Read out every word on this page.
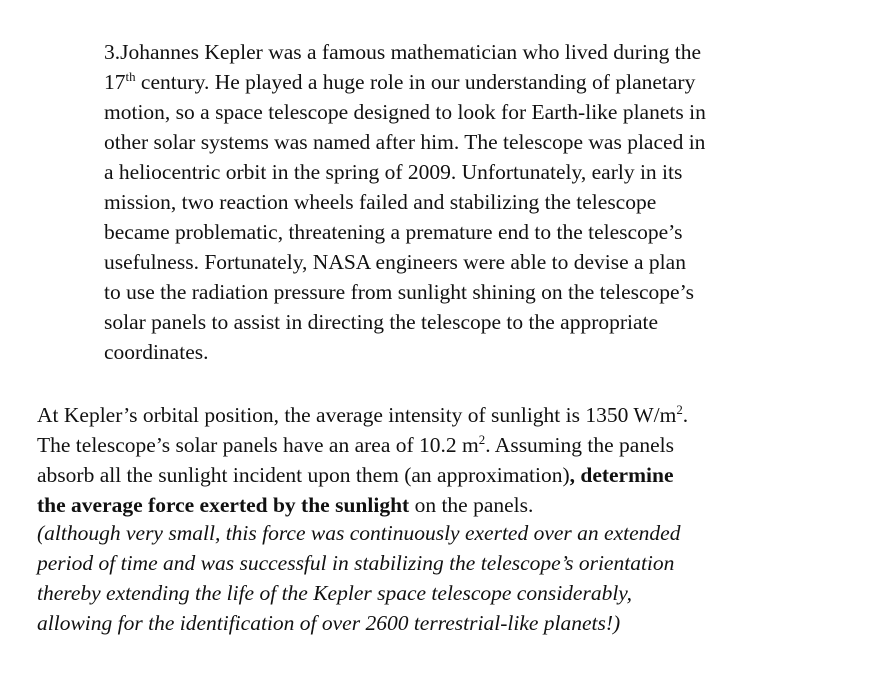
3.Johannes Kepler was a famous mathematician who lived during the
17th century. He played a huge role in our understanding of planetary
motion, so a space telescope designed to look for Earth-like planets in
other solar systems was named after him. The telescope was placed in
a heliocentric orbit in the spring of 2009. Unfortunately, early in its
mission, two reaction wheels failed and stabilizing the telescope
became problematic, threatening a premature end to the telescope’s
usefulness. Fortunately, NASA engineers were able to devise a plan
to use the radiation pressure from sunlight shining on the telescope’s
solar panels to assist in directing the telescope to the appropriate
coordinates.
At Kepler’s orbital position, the average intensity of sunlight is 1350 $W/m^2$.
The telescope’s solar panels have an area of 10.2 $m^2$. Assuming the panels
absorb all the sunlight incident upon them (an approximation), determine
the average force exerted by the sunlight on the panels.
(although very small, this force was continuously exerted over an extended
period of time and was successful in stabilizing the telescope’s orientation
thereby extending the life of the Kepler space telescope considerably,
allowing for the identification of over 2600 terrestrial-like planets!)
